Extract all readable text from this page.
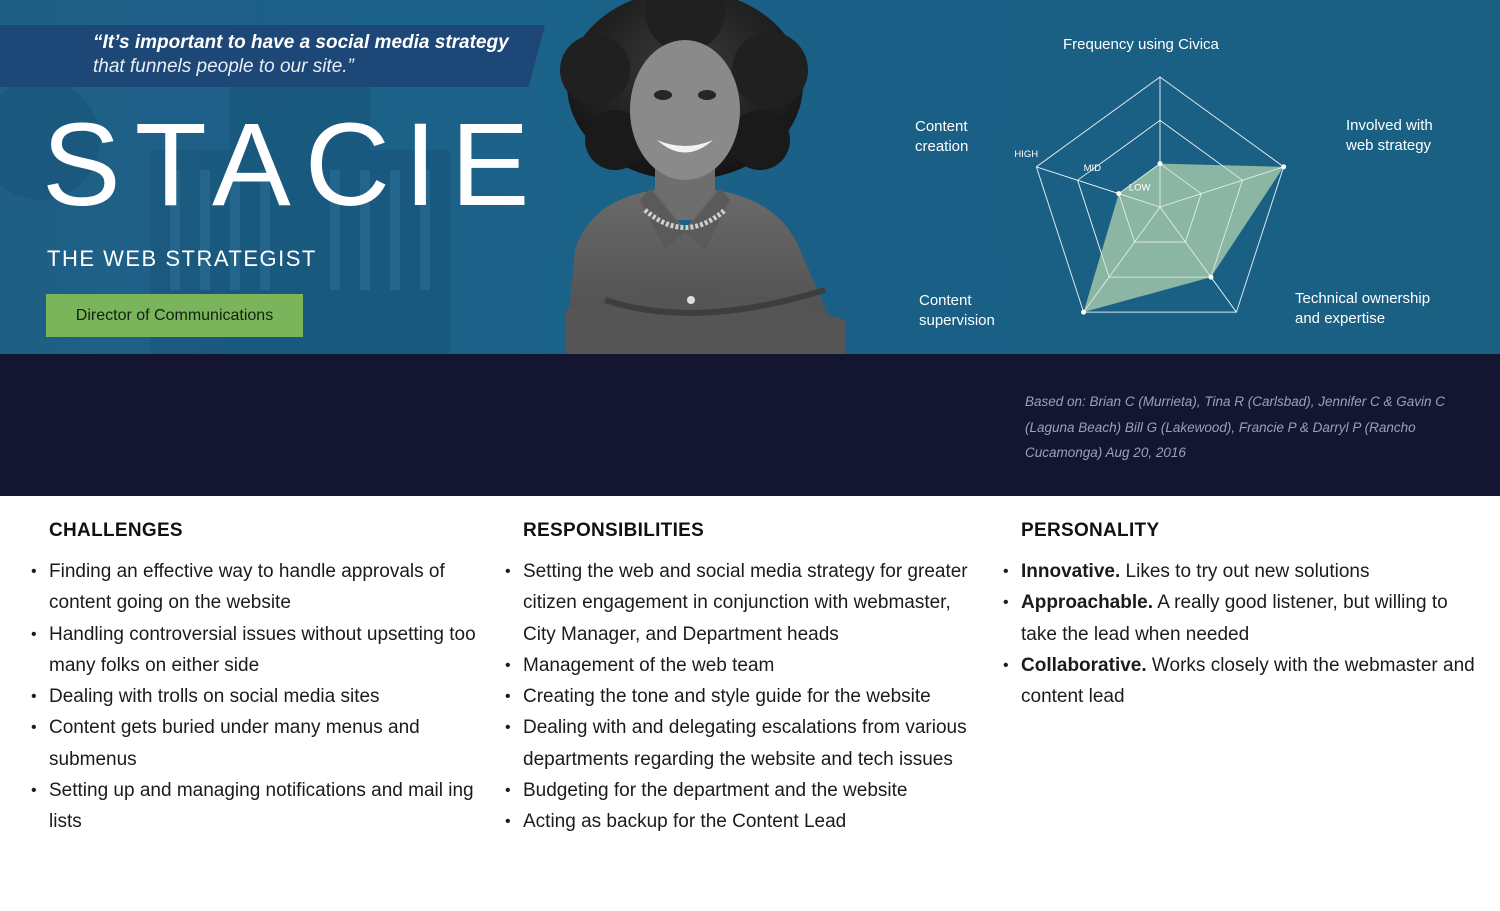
“It’s important to have a social media strategy
that funnels people to our site.”
STACIE
THE WEB STRATEGIST
Director of Communications
LOW
MID
HIGH
Frequency using Civica
Involved with
web strategy
Technical ownership
and expertise
Content
supervision
Content
creation
Based on: Brian C (Murrieta), Tina R (Carlsbad), Jennifer C & Gavin C (Laguna Beach) Bill G (Lakewood), Francie P & Darryl P (Rancho Cucamonga) Aug 20, 2016
CHALLENGES
• Finding an effective way to handle approvals of content going on the website
• Handling controversial issues without upsetting too many folks on either side
• Dealing with trolls on social media sites
• Content gets buried under many menus and submenus
• Setting up and managing notifications and mail ing lists
RESPONSIBILITIES
• Setting the web and social media strategy for greater citizen engagement in conjunction with webmaster, City Manager, and Department heads
• Management of the web team
• Creating the tone and style guide for the website
• Dealing with and delegating escalations from various departments regarding the website and tech issues
• Budgeting for the department and the website
• Acting as backup for the Content Lead
PERSONALITY
• Innovative. Likes to try out new solutions
• Approachable. A really good listener, but willing to take the lead when needed
• Collaborative. Works closely with the webmaster and content lead
